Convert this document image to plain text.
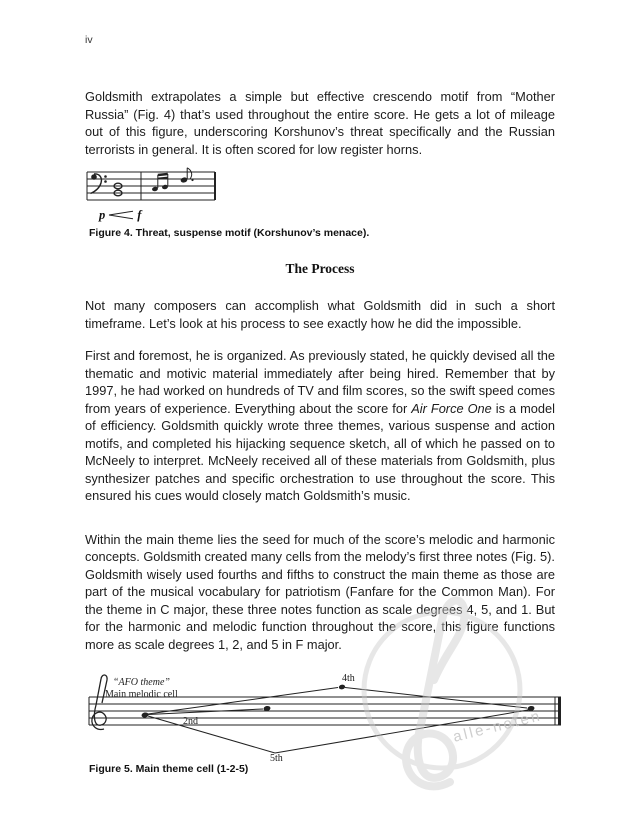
iv

Goldsmith extrapolates a simple but effective crescendo motif from “Mother Russia” (Fig. 4) that’s used throughout the entire score. He gets a lot of mileage out of this figure, underscoring Korshunov’s threat specifically and the Russian terrorists in general. It is often scored for low register horns.

p	f
Figure 4. Threat, suspense motif (Korshunov’s menace).
The Process

Not many composers can accomplish what Goldsmith did in such a short timeframe. Let’s look at his process to see exactly how he did the impossible.

First and foremost, he is organized. As previously stated, he quickly devised all the thematic and motivic material immediately after being hired. Remember that by 1997, he had worked on hundreds of TV and film scores, so the swift speed comes from years of experience. Everything about the score for Air Force One is a model of efficiency. Goldsmith quickly wrote three themes, various suspense and action motifs, and completed his hijacking sequence sketch, all of which he passed on to McNeely to interpret. McNeely received all of these materials from Goldsmith, plus synthesizer patches and specific orchestration to use throughout the score. This ensured his cues would closely match Goldsmith’s music.

Within the main theme lies the seed for much of the score’s melodic and harmonic concepts. Goldsmith created many cells from the melody’s first three notes (Fig. 5). Goldsmith wisely used fourths and fifths to construct the main theme as those are part of the musical vocabulary for patriotism (Fanfare for the Common Man). For the theme in C major, these three notes function as scale degrees 4, 5, and 1. But for the harmonic and melodic function throughout the score, this figure functions more as scale degrees 1, 2, and 5 in F major.

“AFO theme”
Main melodic cell
2nd
4th
5th
Figure 5. Main theme cell (1-2-5)
alle-noten
